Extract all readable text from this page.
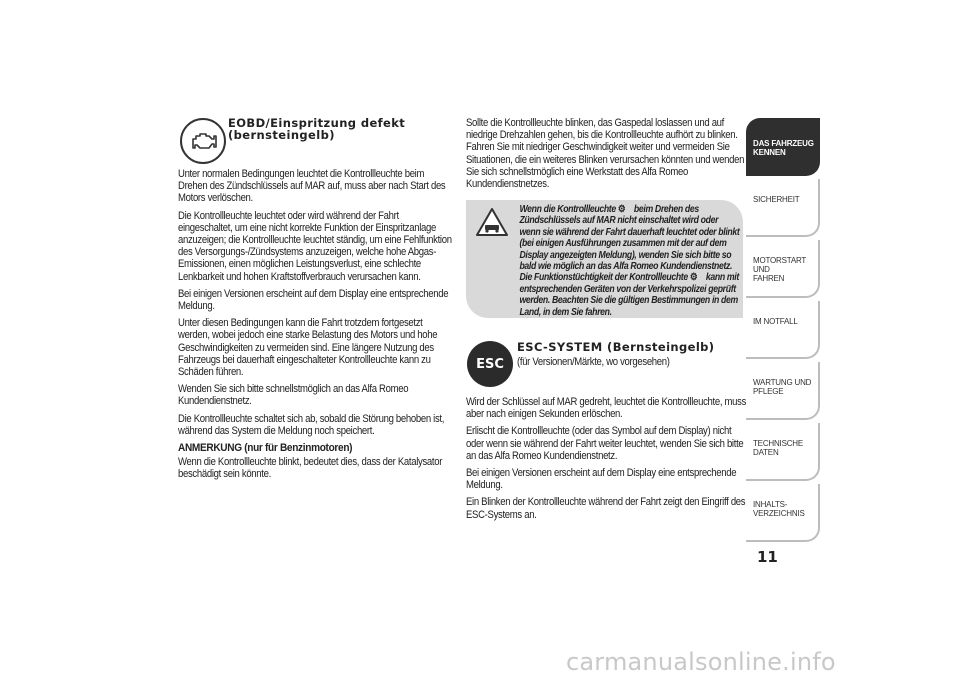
EOBD/Einspritzung defekt
(bernsteingelb)

Unter normalen Bedingungen leuchtet die Kontrollleuchte beim Drehen des Zündschlüssels auf MAR auf, muss aber nach Start des Motors verlöschen.

Die Kontrollleuchte leuchtet oder wird während der Fahrt eingeschaltet, um eine nicht korrekte Funktion der Einspritzanlage anzuzeigen; die Kontrollleuchte leuchtet ständig, um eine Fehlfunktion des Versorgungs-/Zündsystems anzuzeigen, welche hohe Abgas-Emissionen, einen möglichen Leistungsverlust, eine schlechte Lenkbarkeit und hohen Kraftstoffverbrauch verursachen kann.

Bei einigen Versionen erscheint auf dem Display eine entsprechende Meldung.

Unter diesen Bedingungen kann die Fahrt trotzdem fortgesetzt werden, wobei jedoch eine starke Belastung des Motors und hohe Geschwindigkeiten zu vermeiden sind. Eine längere Nutzung des Fahrzeugs bei dauerhaft eingeschalteter Kontrollleuchte kann zu Schäden führen.

Wenden Sie sich bitte schnellstmöglich an das Alfa Romeo Kundendienstnetz.

Die Kontrollleuchte schaltet sich ab, sobald die Störung behoben ist, während das System die Meldung noch speichert.

ANMERKUNG (nur für Benzinmotoren)

Wenn die Kontrollleuchte blinkt, bedeutet dies, dass der Katalysator beschädigt sein könnte.

Sollte die Kontrollleuchte blinken, das Gaspedal loslassen und auf niedrige Drehzahlen gehen, bis die Kontrollleuchte aufhört zu blinken. Fahren Sie mit niedriger Geschwindigkeit weiter und vermeiden Sie Situationen, die ein weiteres Blinken verursachen könnten und wenden Sie sich schnellstmöglich eine Werkstatt des Alfa Romeo Kundendienstnetzes.

Wenn die Kontrollleuchte ⚙ beim Drehen des Zündschlüssels auf MAR nicht einschaltet wird oder wenn sie während der Fahrt dauerhaft leuchtet oder blinkt (bei einigen Ausführungen zusammen mit der auf dem Display angezeigten Meldung), wenden Sie sich bitte so bald wie möglich an das Alfa Romeo Kundendienstnetz. Die Funktionstüchtigkeit der Kontrollleuchte ⚙ kann mit entsprechenden Geräten von der Verkehrspolizei geprüft werden. Beachten Sie die gültigen Bestimmungen in dem Land, in dem Sie fahren.
ESC
ESC-SYSTEM (Bernsteingelb)

(für Versionen/Märkte, wo vorgesehen)

Wird der Schlüssel auf MAR gedreht, leuchtet die Kontrollleuchte, muss aber nach einigen Sekunden erlöschen.

Erlischt die Kontrollleuchte (oder das Symbol auf dem Display) nicht oder wenn sie während der Fahrt weiter leuchtet, wenden Sie sich bitte an das Alfa Romeo Kundendienstnetz.

Bei einigen Versionen erscheint auf dem Display eine entsprechende Meldung.

Ein Blinken der Kontrollleuchte während der Fahrt zeigt den Eingriff des ESC-Systems an.

DAS FAHRZEUG
KENNEN
SICHERHEIT
MOTORSTART UND
FAHREN
IM NOTFALL
WARTUNG UND
PFLEGE
TECHNISCHE DATEN
INHALTS-
VERZEICHNIS
11
carmanualsonline.info
